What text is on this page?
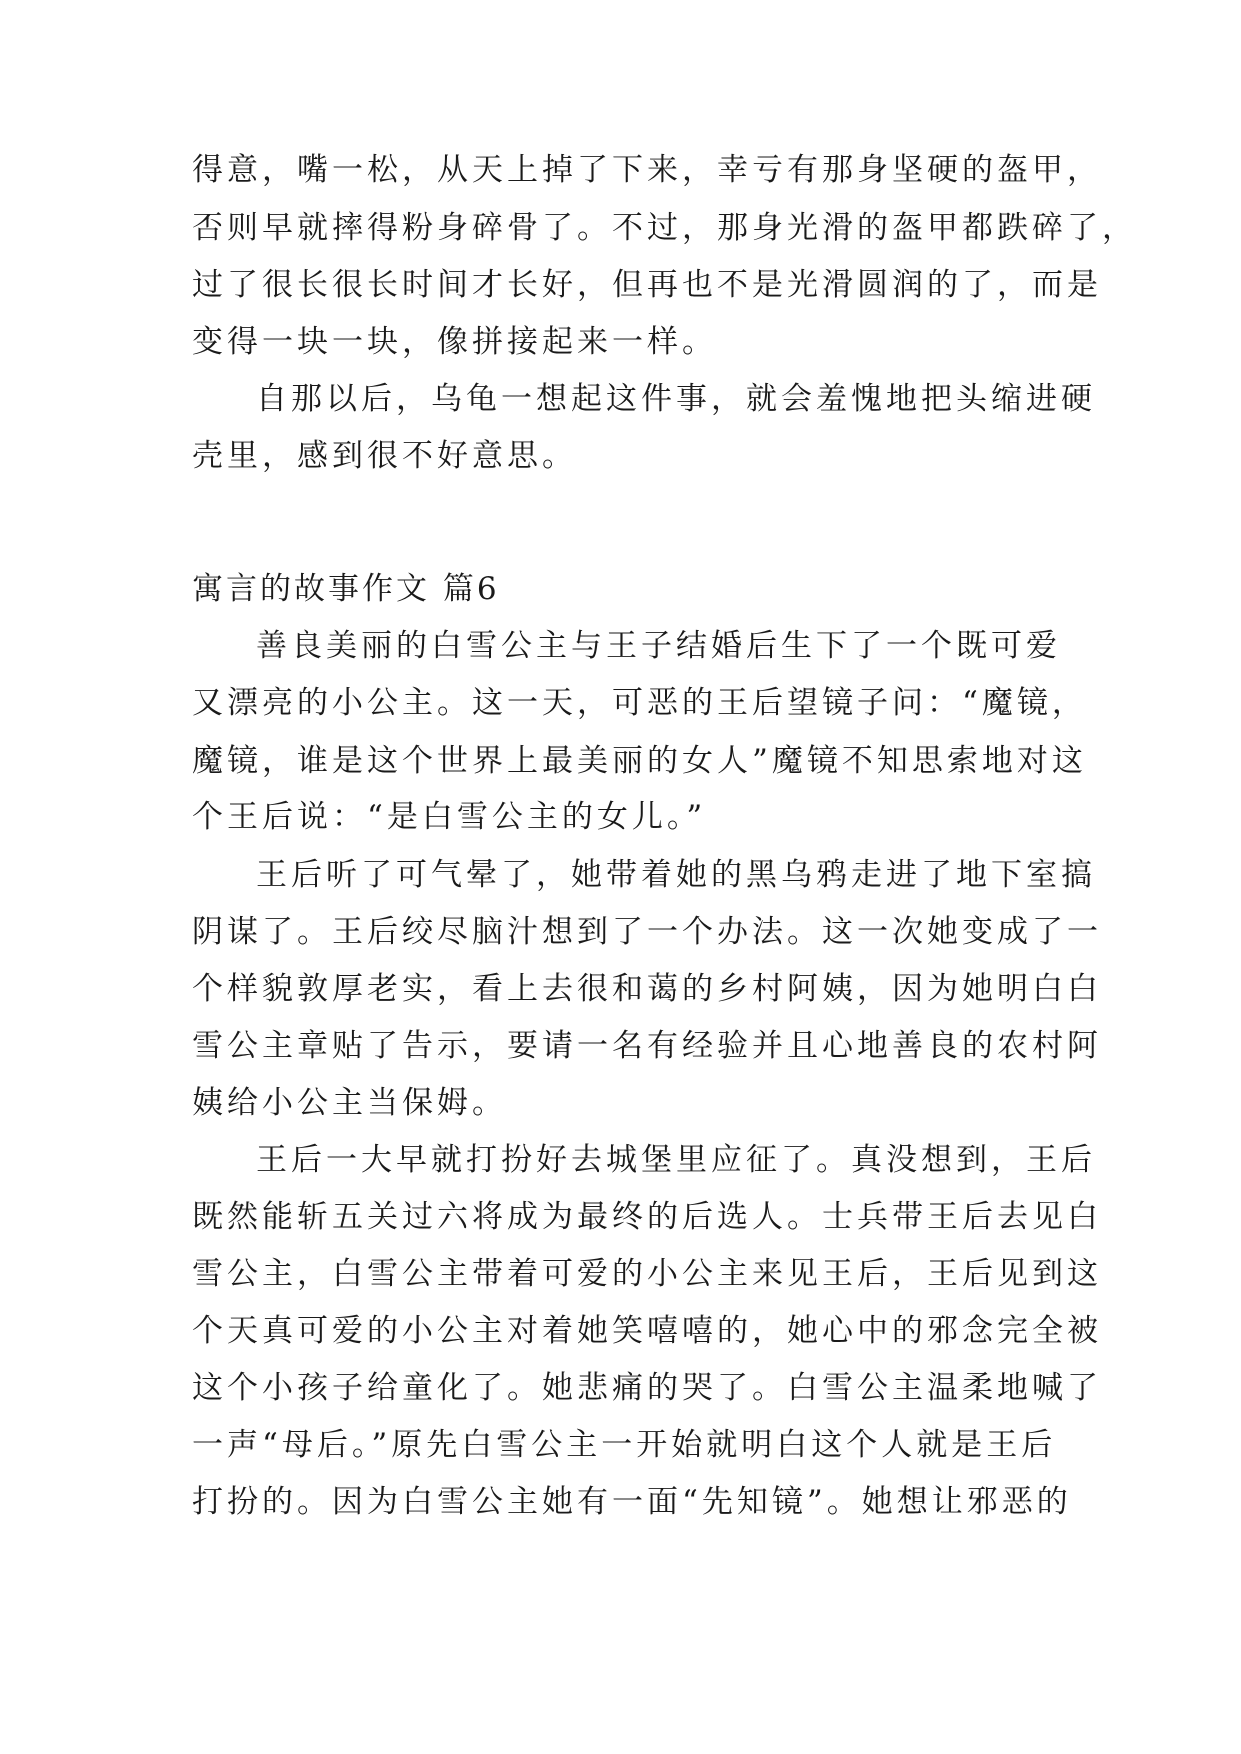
得意，嘴一松，从天上掉了下来，幸亏有那身坚硬的盔甲，

否则早就摔得粉身碎骨了。不过，那身光滑的盔甲都跌碎了，

过了很长很长时间才长好，但再也不是光滑圆润的了，而是

变得一块一块，像拼接起来一样。

自那以后，乌龟一想起这件事，就会羞愧地把头缩进硬

壳里，感到很不好意思。

寓言的故事作文 篇6

善良美丽的白雪公主与王子结婚后生下了一个既可爱

又漂亮的小公主。这一天，可恶的王后望镜子问：“魔镜，

魔镜，谁是这个世界上最美丽的女人”魔镜不知思索地对这

个王后说：“是白雪公主的女儿。”

王后听了可气晕了，她带着她的黑乌鸦走进了地下室搞

阴谋了。王后绞尽脑汁想到了一个办法。这一次她变成了一

个样貌敦厚老实，看上去很和蔼的乡村阿姨，因为她明白白

雪公主章贴了告示，要请一名有经验并且心地善良的农村阿

姨给小公主当保姆。

王后一大早就打扮好去城堡里应征了。真没想到，王后

既然能斩五关过六将成为最终的后选人。士兵带王后去见白

雪公主，白雪公主带着可爱的小公主来见王后，王后见到这

个天真可爱的小公主对着她笑嘻嘻的，她心中的邪念完全被

这个小孩子给童化了。她悲痛的哭了。白雪公主温柔地喊了

一声“母后。”原先白雪公主一开始就明白这个人就是王后

打扮的。因为白雪公主她有一面“先知镜”。她想让邪恶的
